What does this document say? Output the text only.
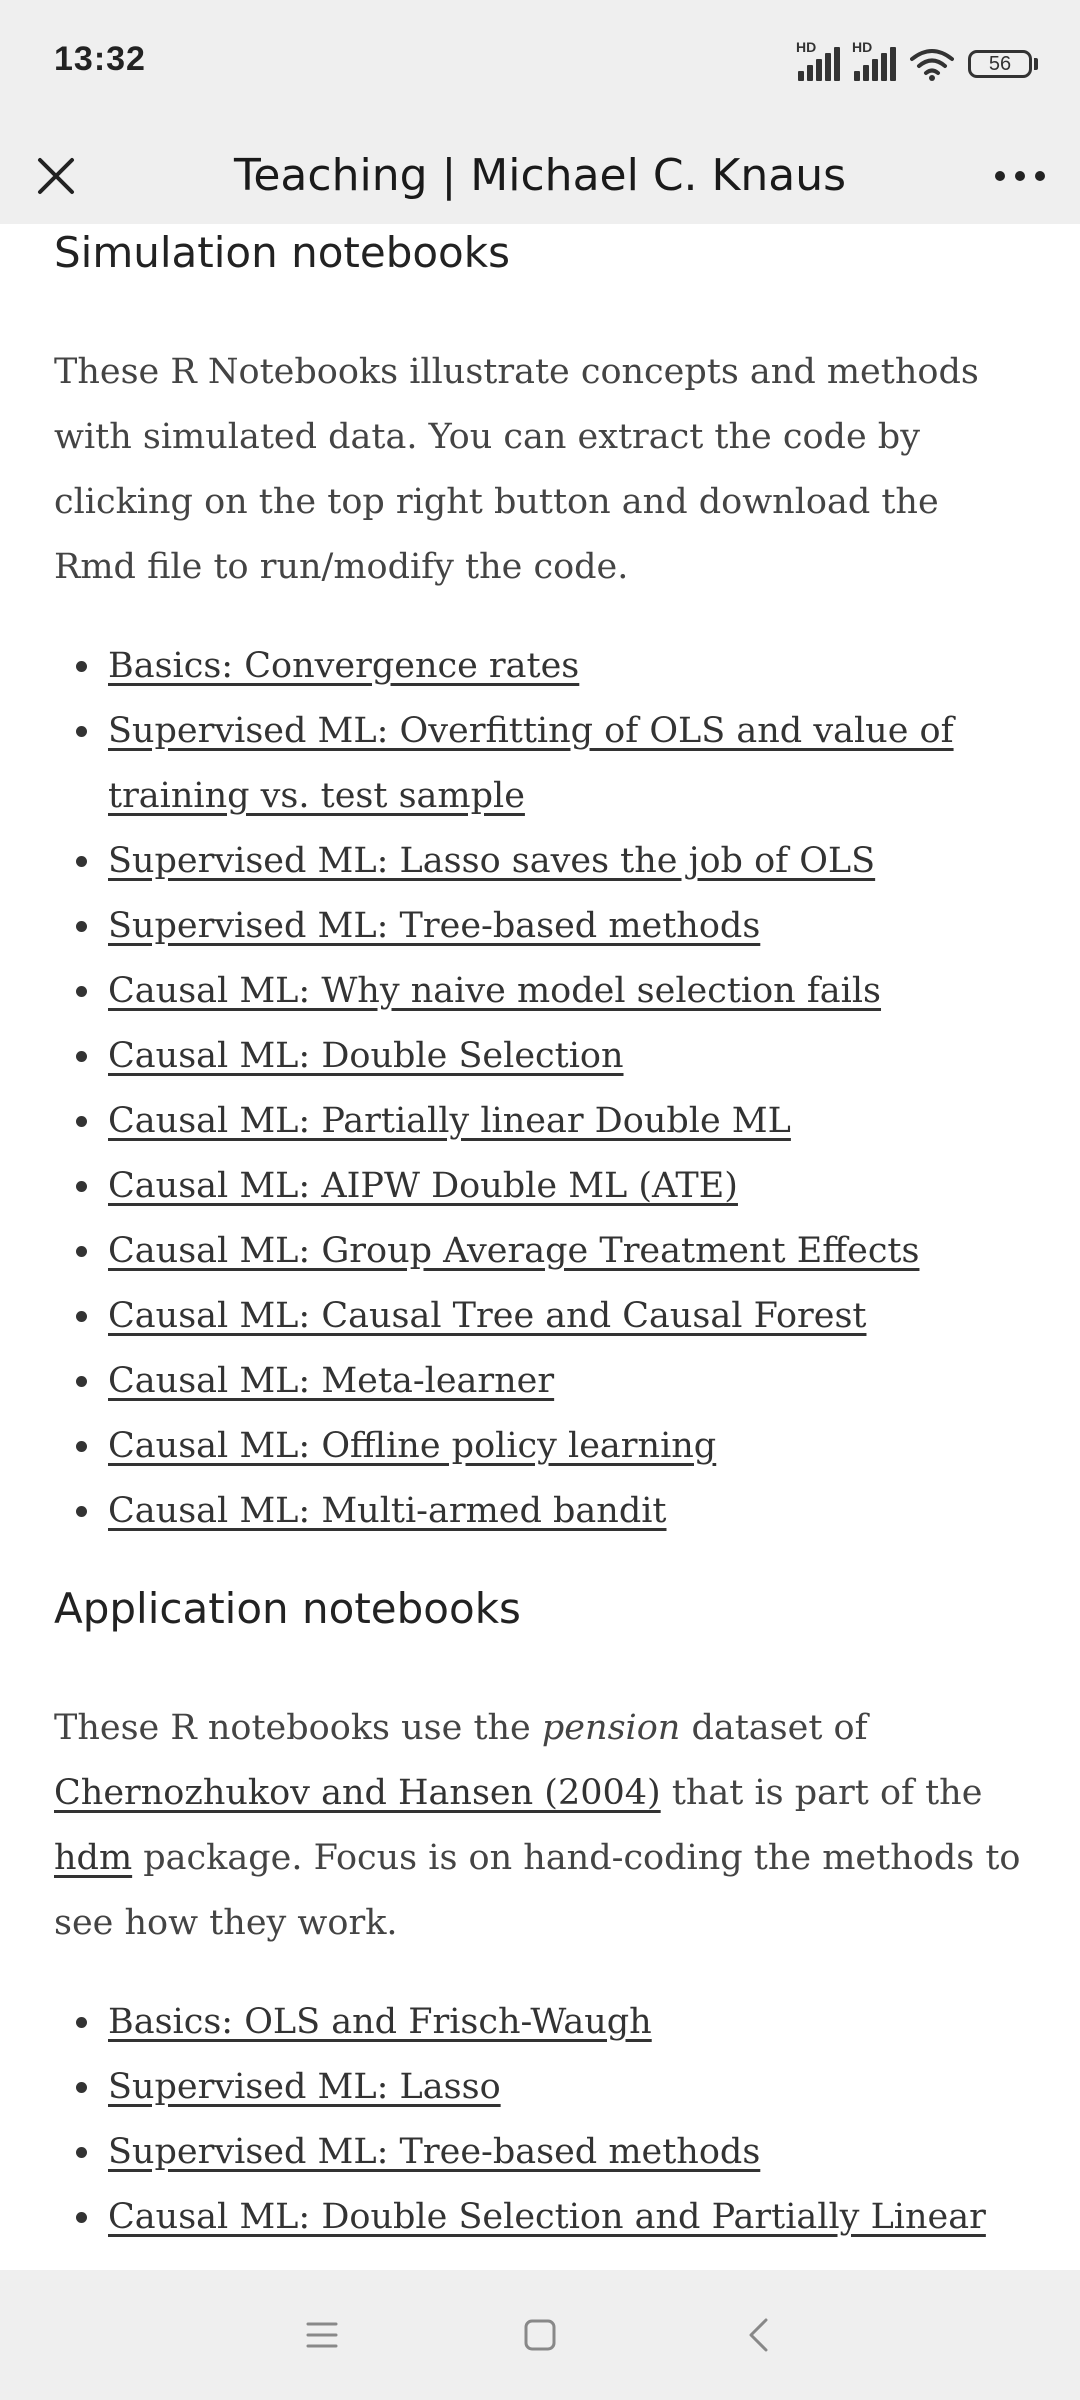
13:32	HD	HD
56
Teaching | Michael C. Knaus
Simulation notebooks

These R Notebooks illustrate concepts and methods with simulated data. You can extract the code by clicking on the top right button and download the Rmd file to run/modify the code.

Basics: Convergence rates
Supervised ML: Overfitting of OLS and value of training vs. test sample
Supervised ML: Lasso saves the job of OLS
Supervised ML: Tree-based methods
Causal ML: Why naive model selection fails
Causal ML: Double Selection
Causal ML: Partially linear Double ML
Causal ML: AIPW Double ML (ATE)
Causal ML: Group Average Treatment Effects
Causal ML: Causal Tree and Causal Forest
Causal ML: Meta-learner
Causal ML: Offline policy learning
Causal ML: Multi-armed bandit
Application notebooks

These R notebooks use the pension dataset of Chernozhukov and Hansen (2004) that is part of the hdm package. Focus is on hand-coding the methods to see how they work.

Basics: OLS and Frisch-Waugh
Supervised ML: Lasso
Supervised ML: Tree-based methods
Causal ML: Double Selection and Partially Linear
